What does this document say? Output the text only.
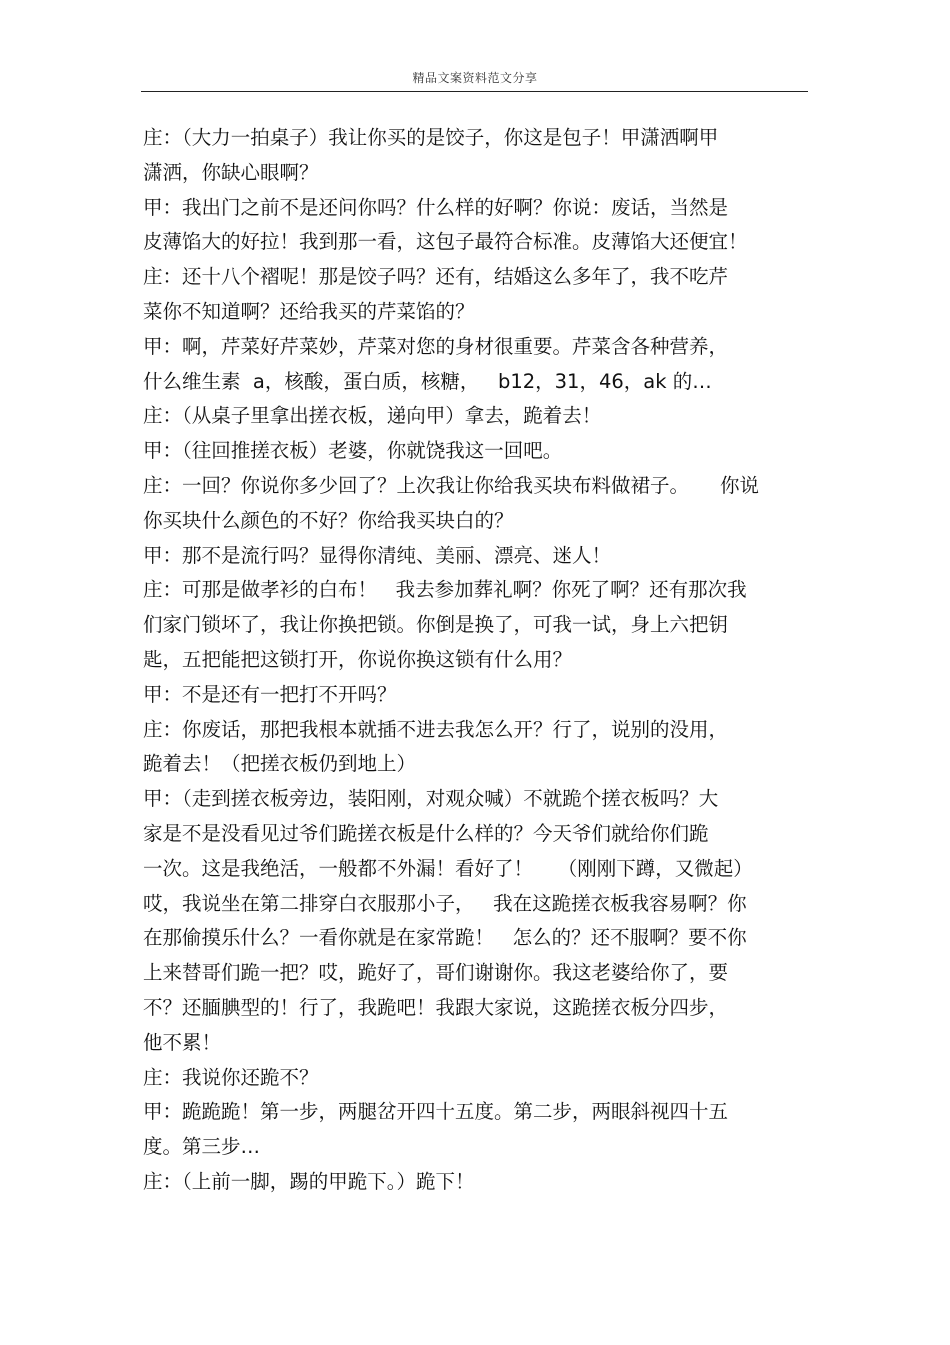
精品文案资料范文分享
庄：（大力一拍桌子）我让你买的是饺子，你这是包子！甲潇洒啊甲
潇洒，你缺心眼啊？
甲：我出门之前不是还问你吗？什么样的好啊？你说：废话，当然是
皮薄馅大的好拉！我到那一看，这包子最符合标准。皮薄馅大还便宜！
庄：还十八个褶呢！那是饺子吗？还有，结婚这么多年了，我不吃芹
菜你不知道啊？还给我买的芹菜馅的？
甲：啊，芹菜好芹菜妙，芹菜对您的身材很重要。芹菜含各种营养，
什么维生素  a，核酸，蛋白质，核糖，   b12，31，46，ak 的…
庄：（从桌子里拿出搓衣板，递向甲）拿去，跪着去！
甲：（往回推搓衣板）老婆，你就饶我这一回吧。
庄：一回？你说你多少回了？上次我让你给我买块布料做裙子。     你说
你买块什么颜色的不好？你给我买块白的？
甲：那不是流行吗？显得你清纯、美丽、漂亮、迷人！
庄：可那是做孝衫的白布！   我去参加葬礼啊？你死了啊？还有那次我
们家门锁坏了，我让你换把锁。你倒是换了，可我一试，身上六把钥
匙，五把能把这锁打开，你说你换这锁有什么用？
甲：不是还有一把打不开吗？
庄：你废话，那把我根本就插不进去我怎么开？行了，说别的没用，
跪着去！（把搓衣板仍到地上）
甲：（走到搓衣板旁边，装阳刚，对观众喊）不就跪个搓衣板吗？大
家是不是没看见过爷们跪搓衣板是什么样的？今天爷们就给你们跪
一次。这是我绝活，一般都不外漏！看好了！    （刚刚下蹲，又微起）
哎，我说坐在第二排穿白衣服那小子，   我在这跪搓衣板我容易啊？你
在那偷摸乐什么？一看你就是在家常跪！   怎么的？还不服啊？要不你
上来替哥们跪一把？哎，跪好了，哥们谢谢你。我这老婆给你了，要
不？还腼腆型的！行了，我跪吧！我跟大家说，这跪搓衣板分四步，
他不累！
庄：我说你还跪不？
甲：跪跪跪！第一步，两腿岔开四十五度。第二步，两眼斜视四十五
度。第三步…
庄：（上前一脚，踢的甲跪下。）跪下！
